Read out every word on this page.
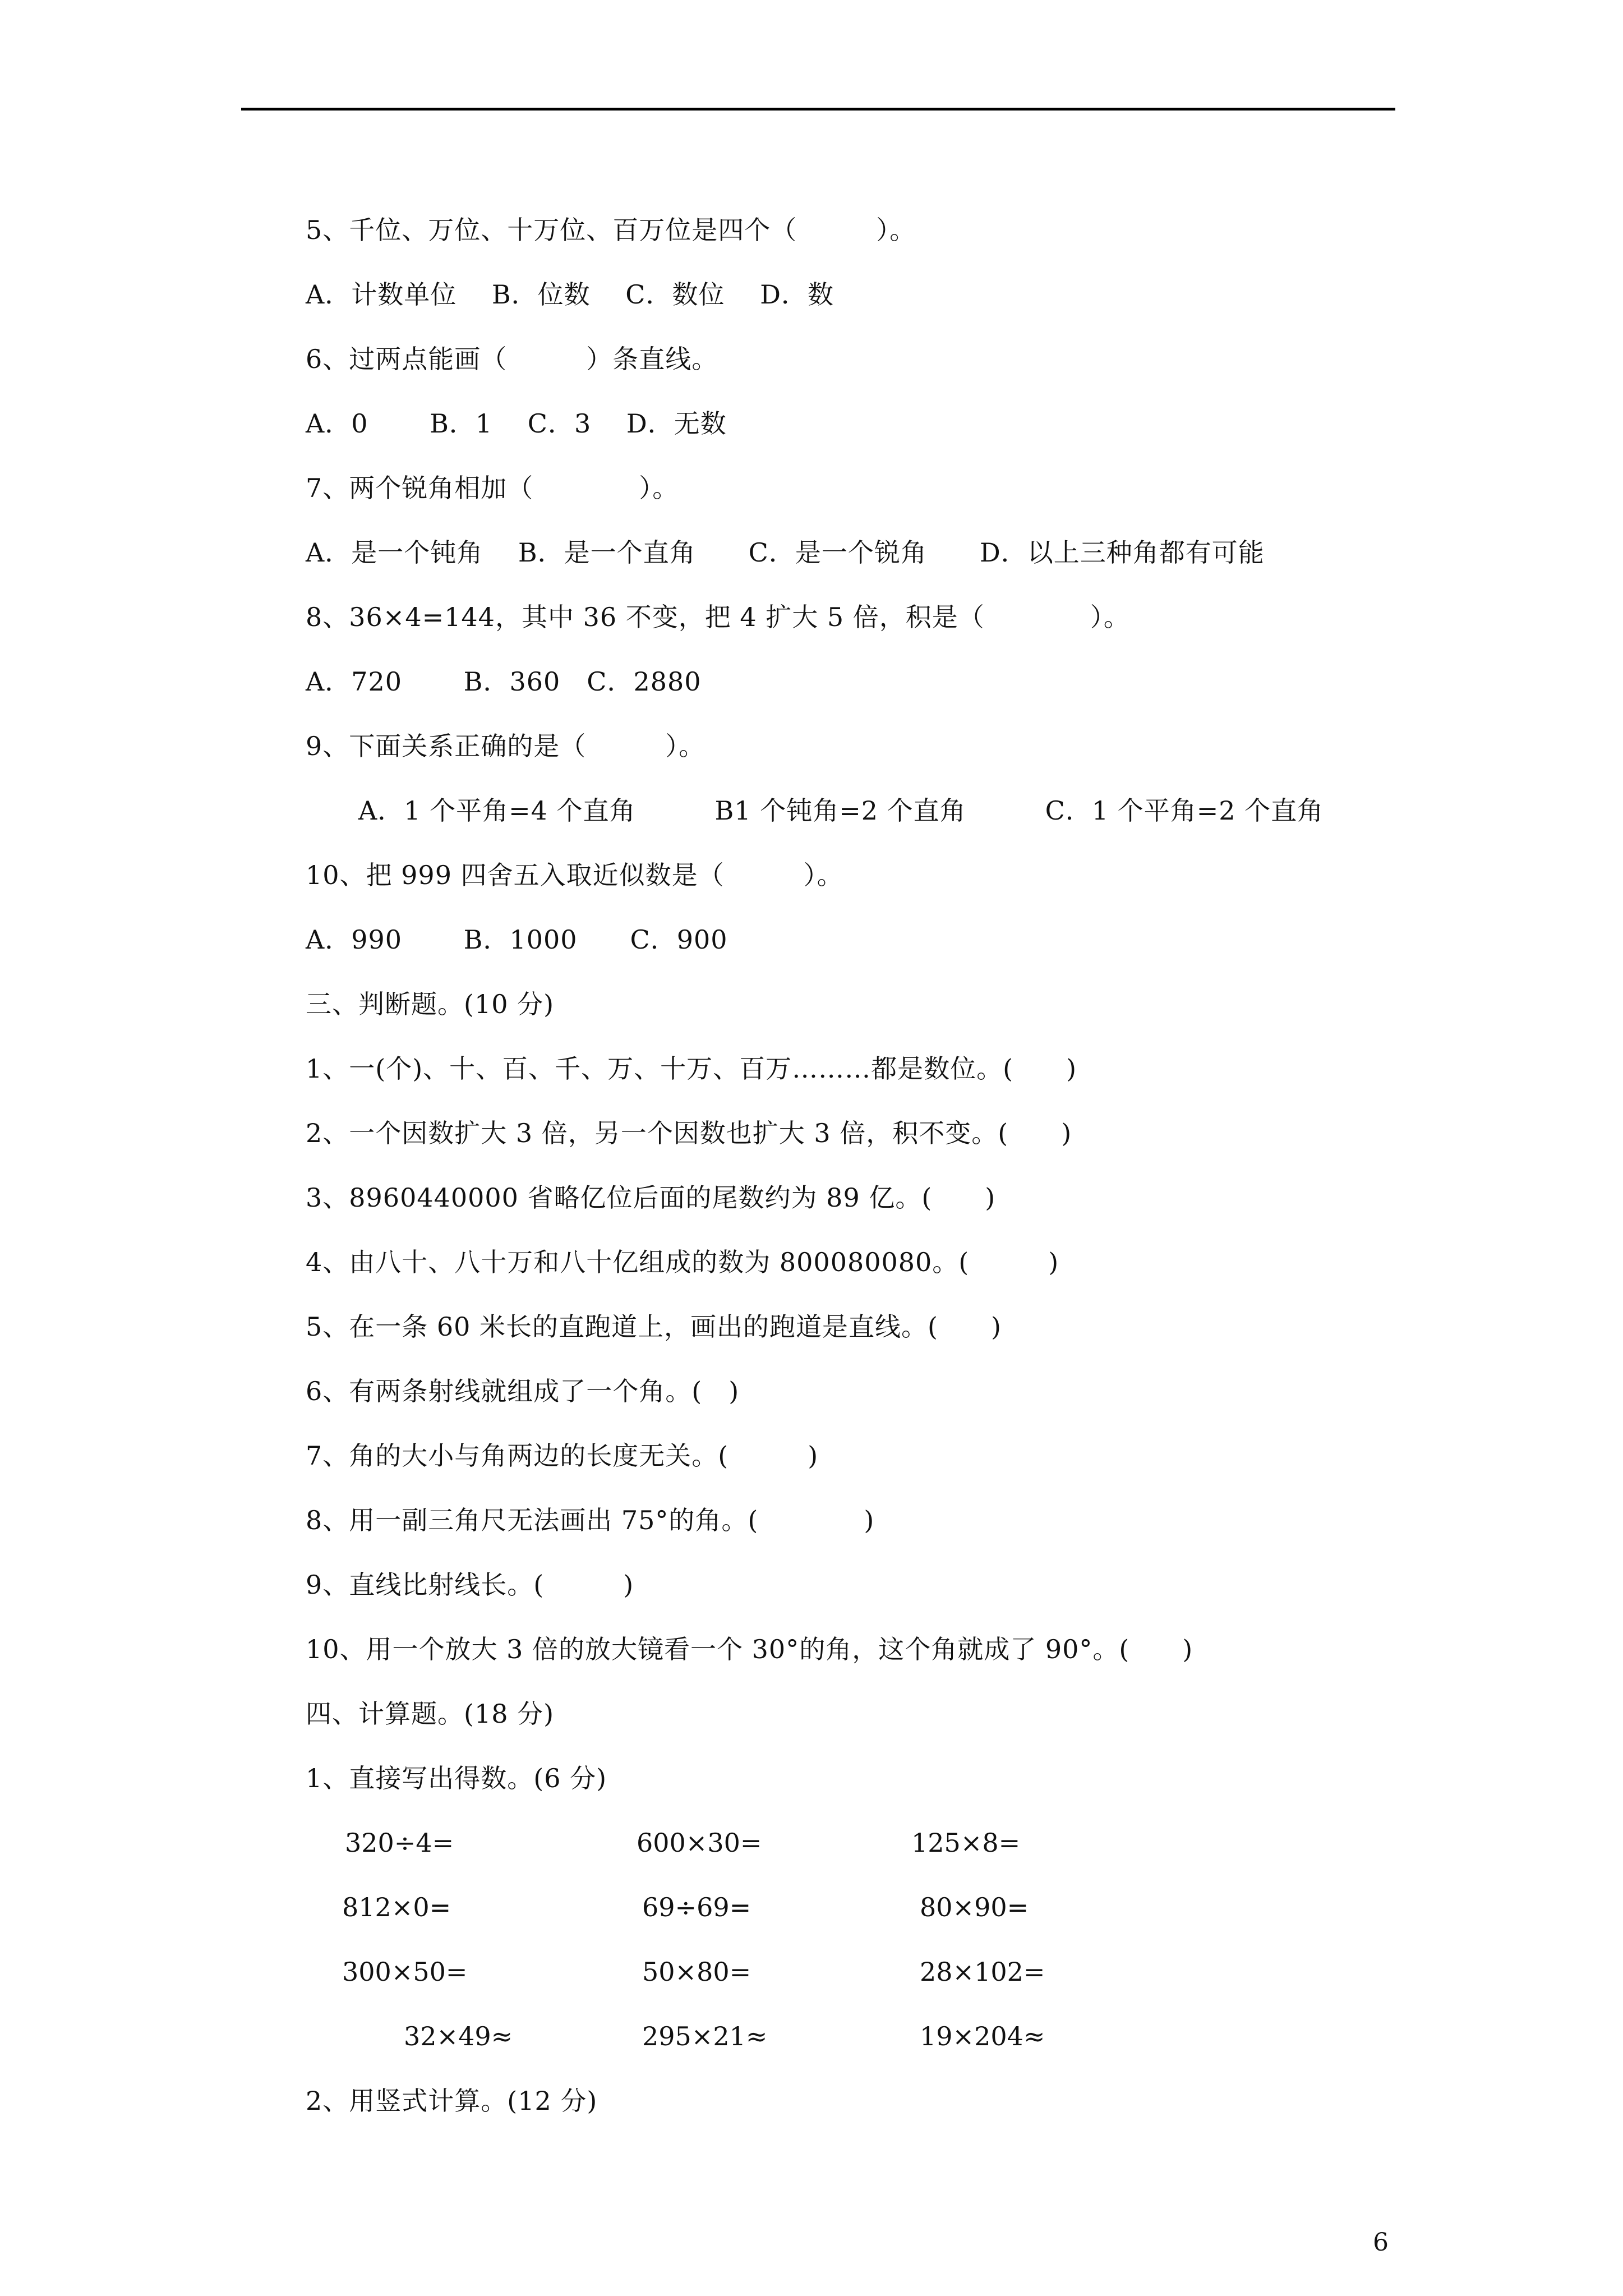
5、千位、万位、十万位、百万位是四个（　　　）。
A．计数单位　 B．位数　 C．数位　 D．数
6、过两点能画（　　　）条直线。
A．0　　 B．1　 C．3　 D．无数
7、两个锐角相加（　　　　）。
A．是一个钝角　 B．是一个直角　　C．是一个锐角　　D．以上三种角都有可能
8、36×4=144，其中 36 不变，把 4 扩大 5 倍，积是（　　　　）。
A．720　　 B．360　C．2880
9、下面关系正确的是（　　　）。
　　A．1 个平角=4 个直角　　　B1 个钝角=2 个直角　　　C．1 个平角=2 个直角
10、把 999 四舍五入取近似数是（　　　）。
A．990　　 B．1000　　C．900
三、判断题。(10 分)
1、一(个)、十、百、千、万、十万、百万………都是数位。(　　)
2、一个因数扩大 3 倍，另一个因数也扩大 3 倍，积不变。(　　)
3、8960440000 省略亿位后面的尾数约为 89 亿。(　　)
4、由八十、八十万和八十亿组成的数为 800080080。(　　　)
5、在一条 60 米长的直跑道上，画出的跑道是直线。(　　)
6、有两条射线就组成了一个角。(　)
7、角的大小与角两边的长度无关。(　　　)
8、用一副三角尺无法画出 75°的角。(　　　　)
9、直线比射线长。(　　　)
10、用一个放大 3 倍的放大镜看一个 30°的角，这个角就成了 90°。(　　)
四、计算题。(18 分)
1、直接写出得数。(6 分)
320÷4=	600×30=	125×8=
812×0=	69÷69=	80×90=
300×50=	50×80=	28×102=
32×49≈	295×21≈	19×204≈
2、用竖式计算。(12 分)
6
